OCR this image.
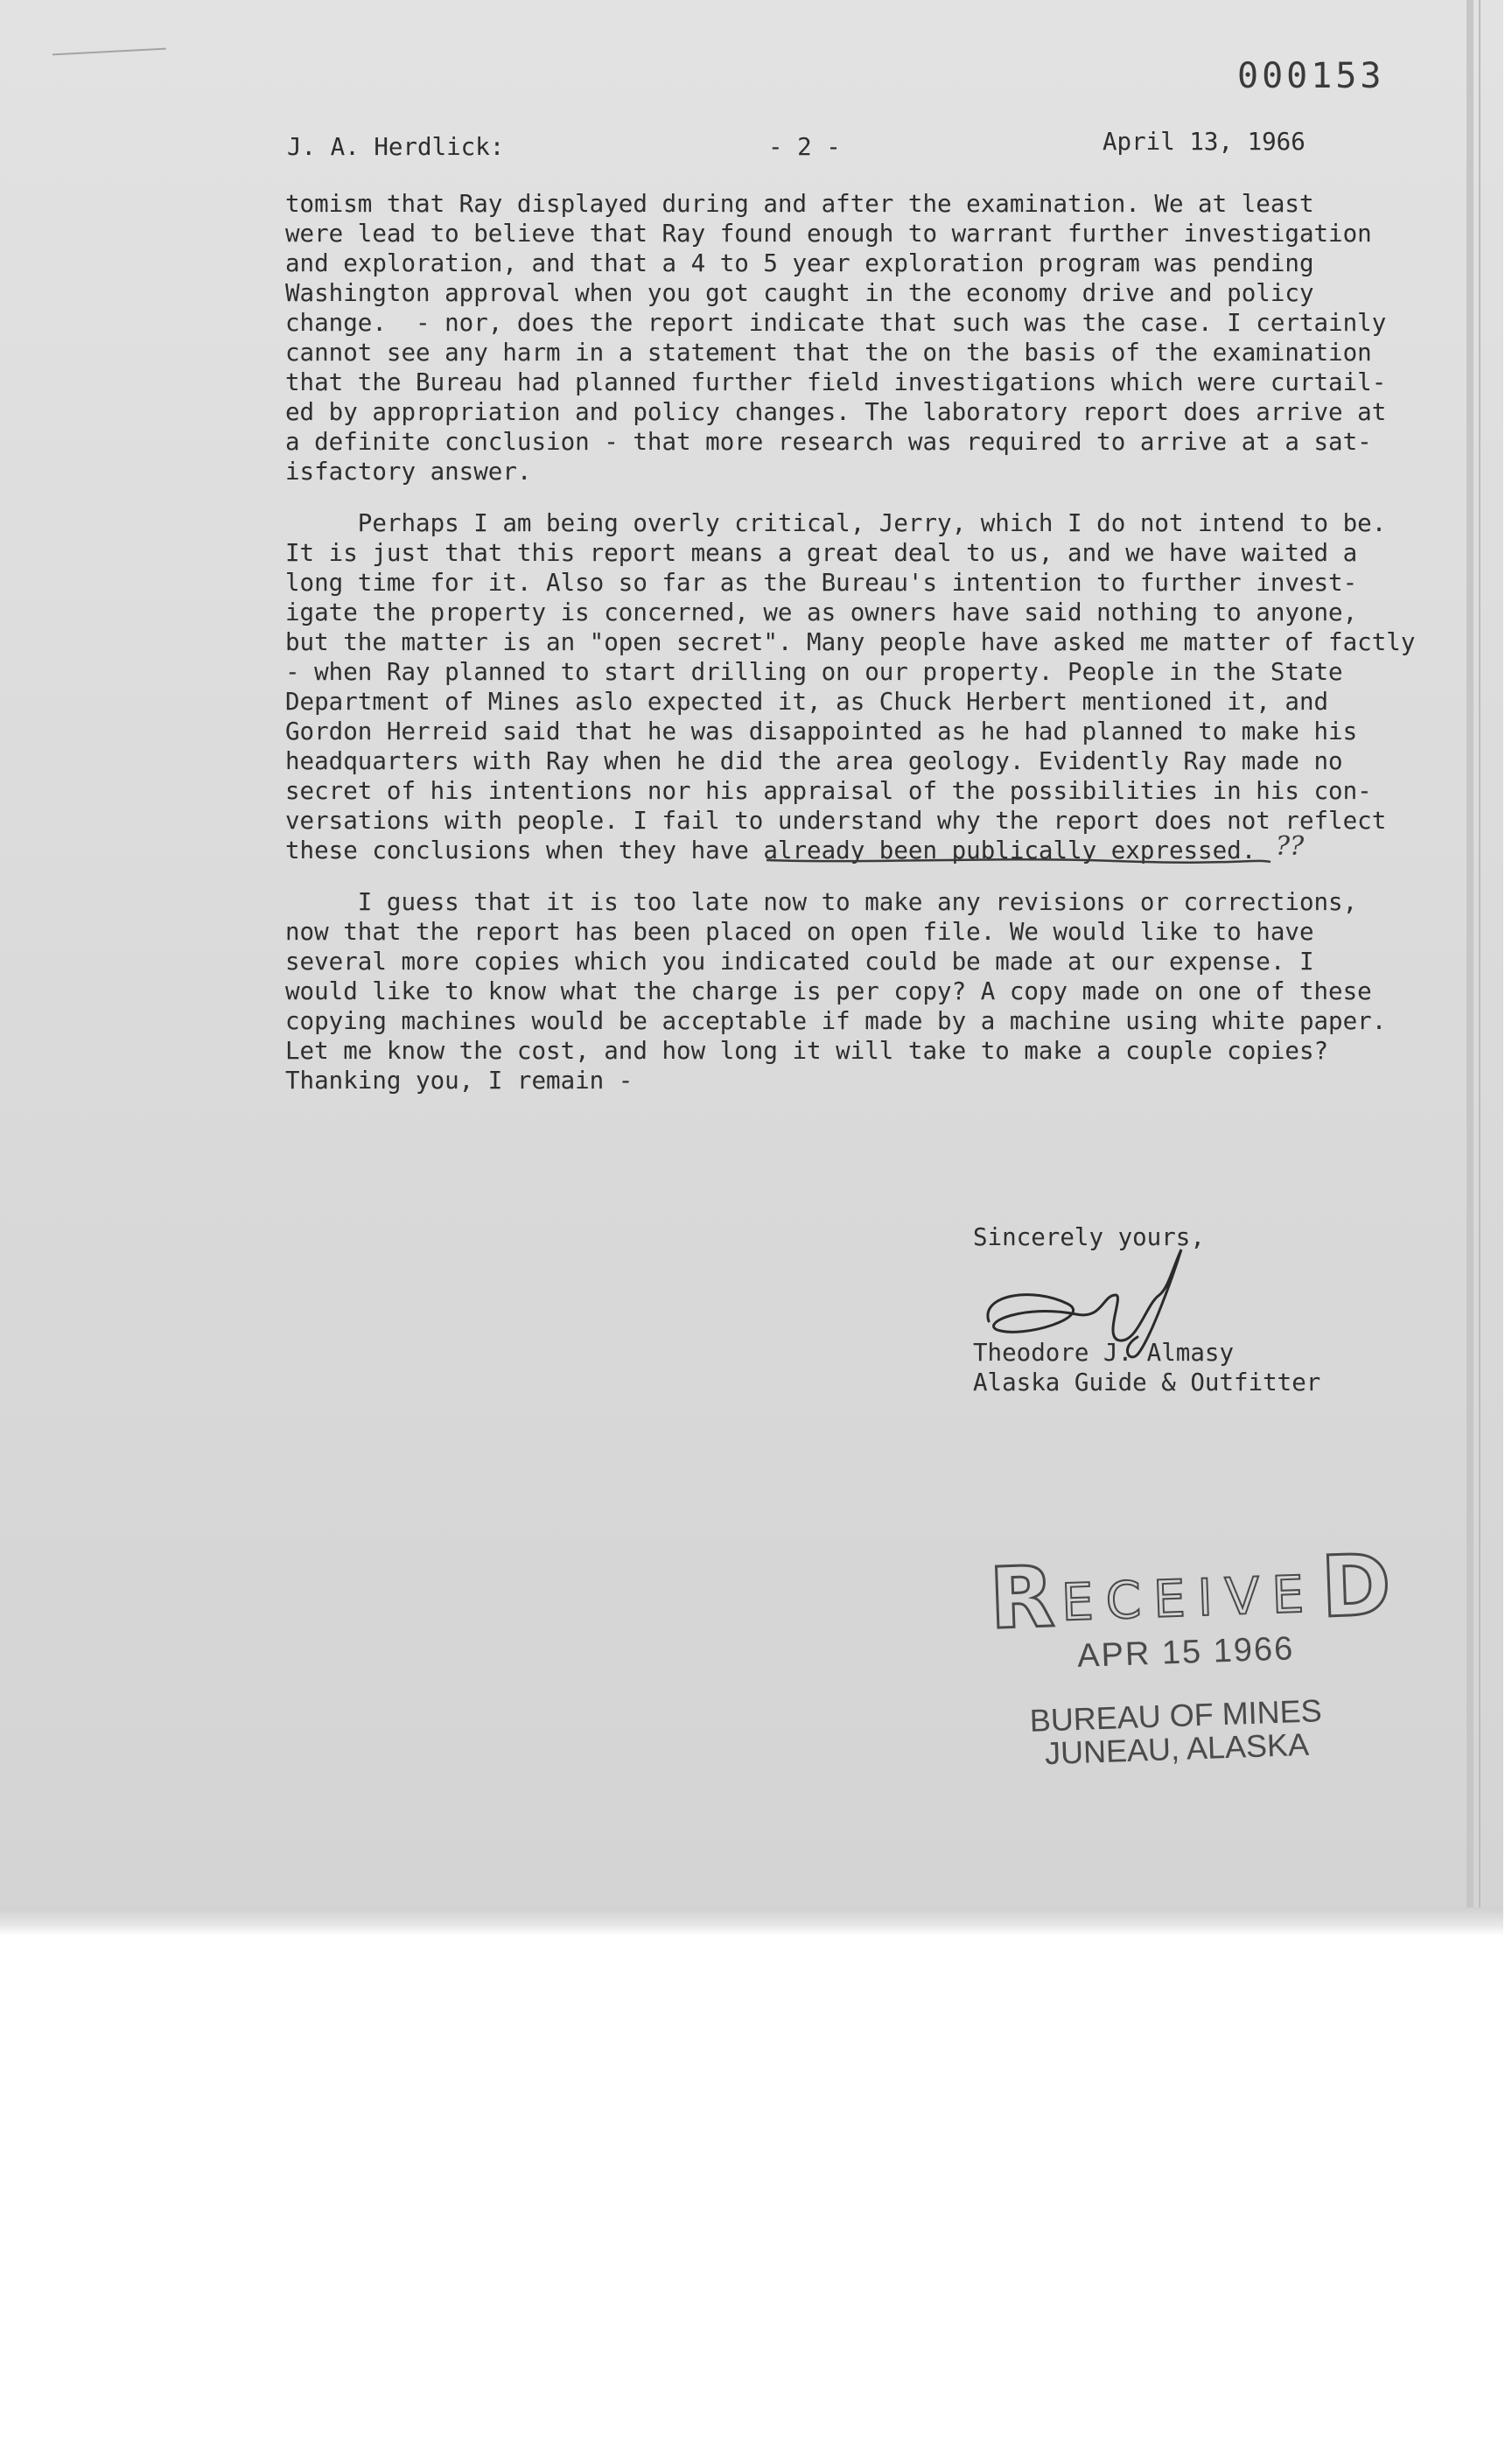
000153
J. A. Herdlick:	- 2 -	April 13, 1966
tomism that Ray displayed during and after the examination. We at least
were lead to believe that Ray found enough to warrant further investigation
and exploration, and that a 4 to 5 year exploration program was pending
Washington approval when you got caught in the economy drive and policy
change.  - nor, does the report indicate that such was the case. I certainly
cannot see any harm in a statement that the on the basis of the examination
that the Bureau had planned further field investigations which were curtail-
ed by appropriation and policy changes. The laboratory report does arrive at
a definite conclusion - that more research was required to arrive at a sat-
isfactory answer.
Perhaps I am being overly critical, Jerry, which I do not intend to be.
It is just that this report means a great deal to us, and we have waited a
long time for it. Also so far as the Bureau's intention to further invest-
igate the property is concerned, we as owners have said nothing to anyone,
but the matter is an "open secret". Many people have asked me matter of factly
- when Ray planned to start drilling on our property. People in the State
Department of Mines aslo expected it, as Chuck Herbert mentioned it, and
Gordon Herreid said that he was disappointed as he had planned to make his
headquarters with Ray when he did the area geology. Evidently Ray made no
secret of his intentions nor his appraisal of the possibilities in his con-
versations with people. I fail to understand why the report does not reflect
these conclusions when they have already been publically expressed.
I guess that it is too late now to make any revisions or corrections,
now that the report has been placed on open file. We would like to have
several more copies which you indicated could be made at our expense. I
would like to know what the charge is per copy? A copy made on one of these
copying machines would be acceptable if made by a machine using white paper.
Let me know the cost, and how long it will take to make a couple copies?
Thanking you, I remain -
??
Sincerely yours,
Theodore J. Almasy
Alaska Guide & Outfitter
R ECEIVE D
APR 15 1966
BUREAU OF MINES
JUNEAU, ALASKA
